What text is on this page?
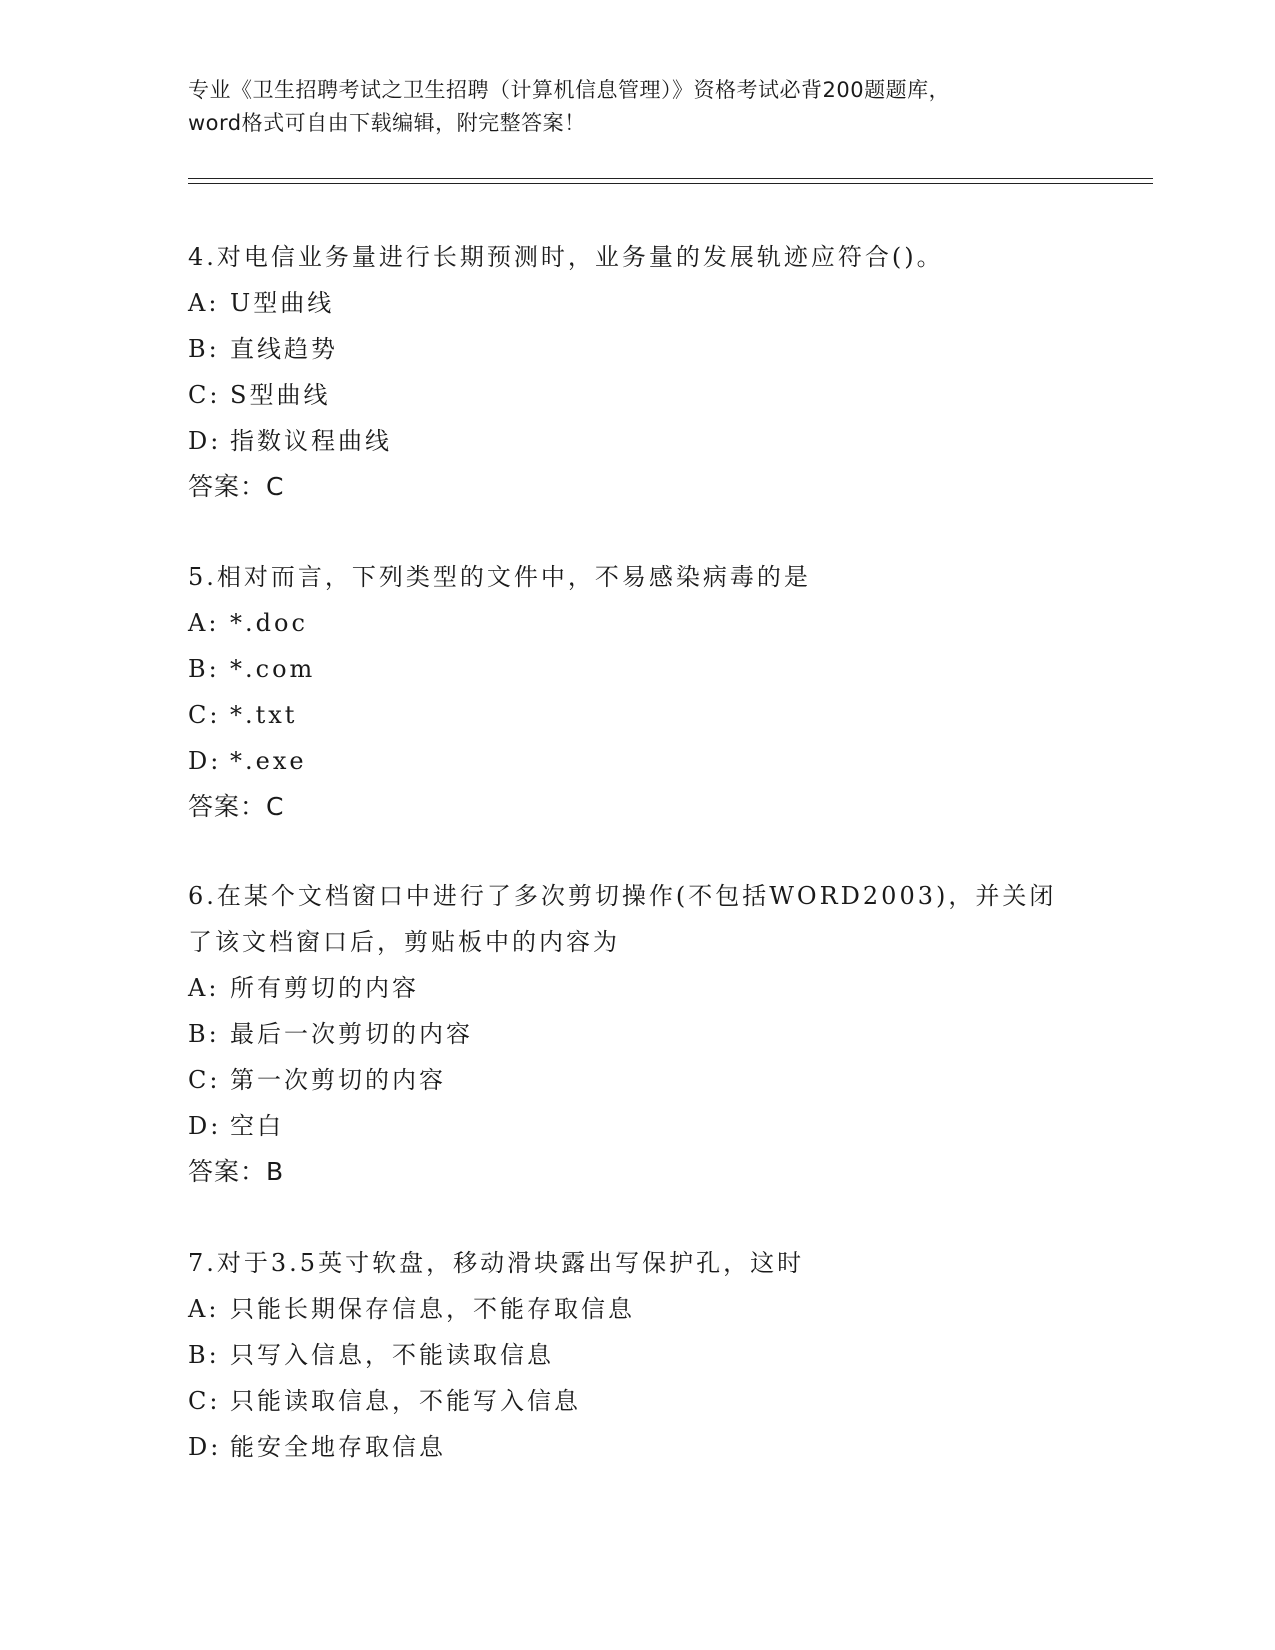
专业《卫生招聘考试之卫生招聘（计算机信息管理）》资格考试必背200题题库，
word格式可自由下载编辑，附完整答案！
4.对电信业务量进行长期预测时，业务量的发展轨迹应符合()。
A: U型曲线
B: 直线趋势
C: S型曲线
D: 指数议程曲线
答案：C
5.相对而言，下列类型的文件中，不易感染病毒的是
A: *.doc
B: *.com
C: *.txt
D: *.exe
答案：C
6.在某个文档窗口中进行了多次剪切操作(不包括WORD2003)，并关闭
了该文档窗口后，剪贴板中的内容为
A: 所有剪切的内容
B: 最后一次剪切的内容
C: 第一次剪切的内容
D: 空白
答案：B
7.对于3.5英寸软盘，移动滑块露出写保护孔，这时
A: 只能长期保存信息，不能存取信息
B: 只写入信息，不能读取信息
C: 只能读取信息，不能写入信息
D: 能安全地存取信息
